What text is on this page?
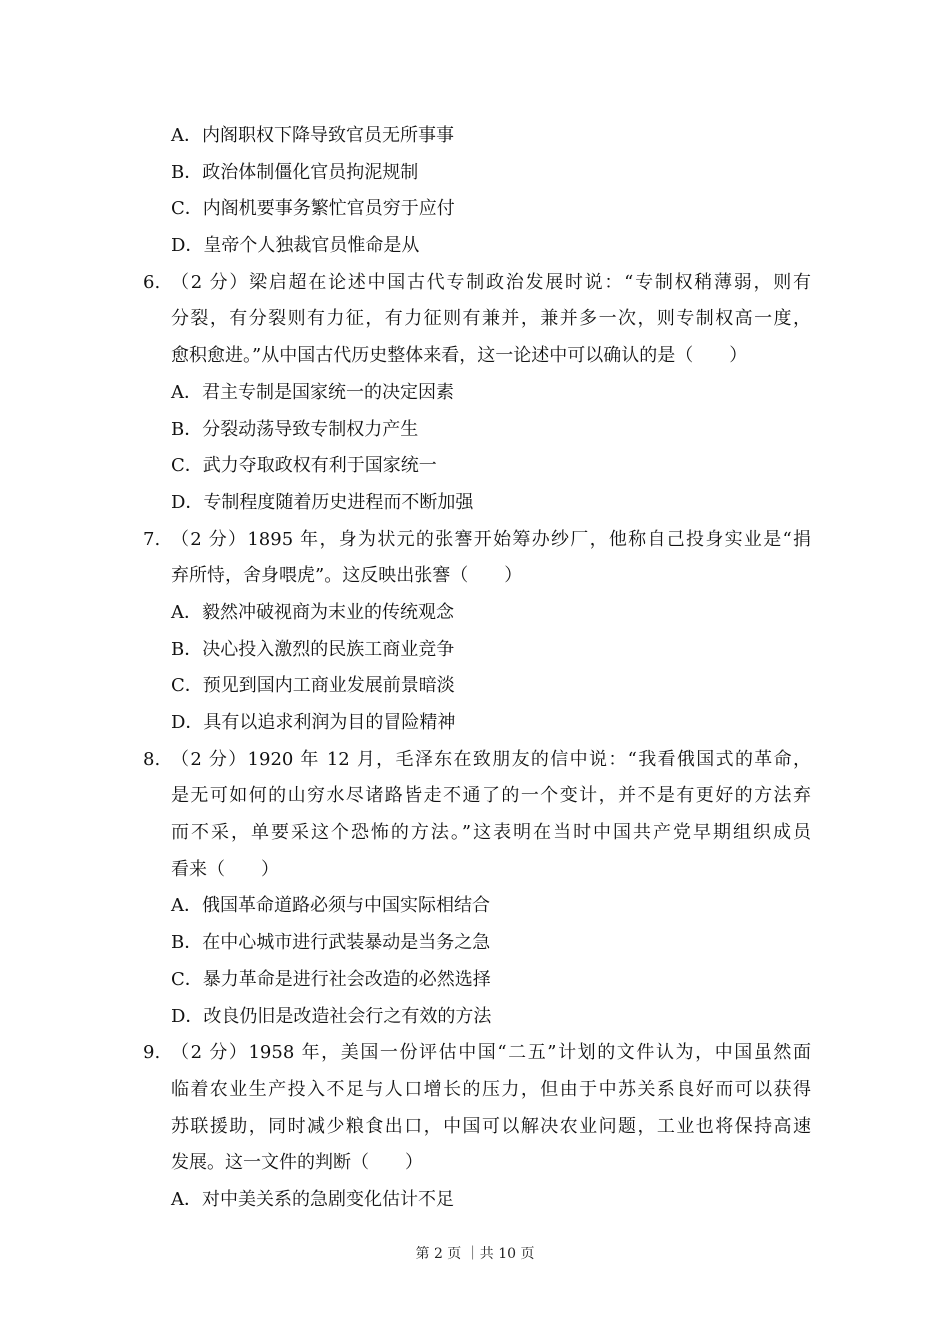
A．内阁职权下降导致官员无所事事
B．政治体制僵化官员拘泥规制
C．内阁机要事务繁忙官员穷于应付
D．皇帝个人独裁官员惟命是从
6. （2 分）梁启超在论述中国古代专制政治发展时说：“专制权稍薄弱，则有
分裂，有分裂则有力征，有力征则有兼并，兼并多一次，则专制权高一度，
愈积愈进。”从中国古代历史整体来看，这一论述中可以确认的是（　　）
A．君主专制是国家统一的决定因素
B．分裂动荡导致专制权力产生
C．武力夺取政权有利于国家统一
D．专制程度随着历史进程而不断加强
7. （2 分）1895 年，身为状元的张謇开始筹办纱厂，他称自己投身实业是“捐
弃所恃，舍身喂虎”。这反映出张謇（　　）
A．毅然冲破视商为末业的传统观念
B．决心投入激烈的民族工商业竞争
C．预见到国内工商业发展前景暗淡
D．具有以追求利润为目的冒险精神
8. （2 分）1920 年 12 月，毛泽东在致朋友的信中说：“我看俄国式的革命，
是无可如何的山穷水尽诸路皆走不通了的一个变计，并不是有更好的方法弃
而不采，单要采这个恐怖的方法。”这表明在当时中国共产党早期组织成员
看来（　　）
A．俄国革命道路必须与中国实际相结合
B．在中心城市进行武装暴动是当务之急
C．暴力革命是进行社会改造的必然选择
D．改良仍旧是改造社会行之有效的方法
9. （2 分）1958 年，美国一份评估中国“二五”计划的文件认为，中国虽然面
临着农业生产投入不足与人口增长的压力，但由于中苏关系良好而可以获得
苏联援助，同时减少粮食出口，中国可以解决农业问题，工业也将保持高速
发展。这一文件的判断（　　）
A．对中美关系的急剧变化估计不足
第 2 页 ｜共 10 页
